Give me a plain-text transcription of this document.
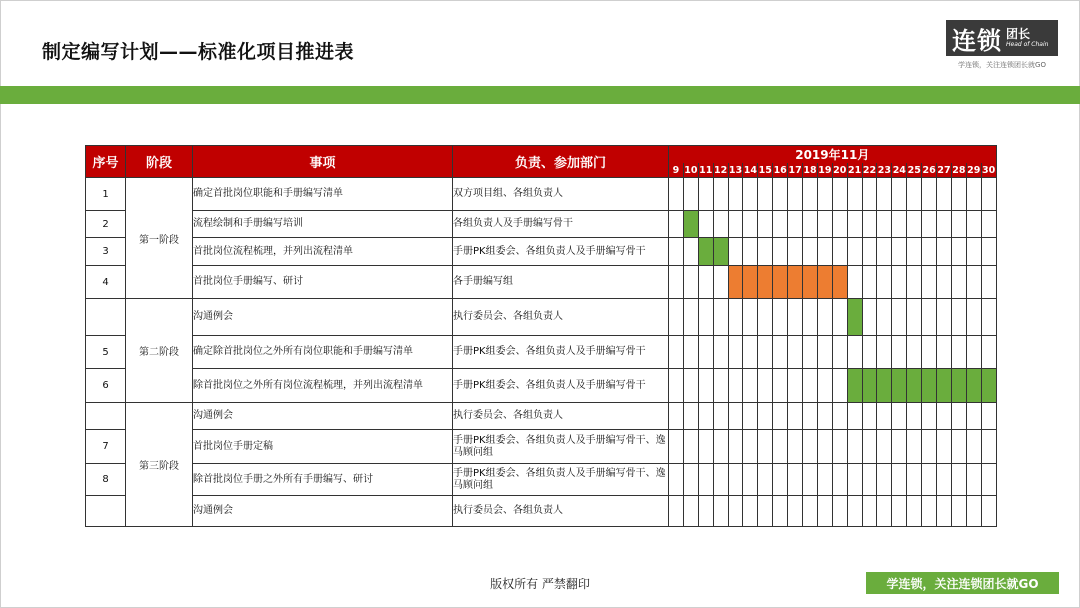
制定编写计划——标准化项目推进表	连锁 团长
Head of Chain
学连锁，关注连锁团长就GO
序号	阶段	事项	负责、参加部门	2019年11月																					
				9	10	11	12	13	14	15	16	17	18	19	20	21	22	23	24	25	26	27	28	29	30
1	第一阶段	确定首批岗位职能和手册编写清单	双方项目组、各组负责人																						
2		流程绘制和手册编写培训	各组负责人及手册编写骨干																						
3		首批岗位流程梳理，并列出流程清单	手册PK组委会、各组负责人及手册编写骨干																						
4		首批岗位手册编写、研讨	各手册编写组																						
	第二阶段	沟通例会	执行委员会、各组负责人																						
5		确定除首批岗位之外所有岗位职能和手册编写清单	手册PK组委会、各组负责人及手册编写骨干																						
6		除首批岗位之外所有岗位流程梳理，并列出流程清单	手册PK组委会、各组负责人及手册编写骨干																						
	第三阶段	沟通例会	执行委员会、各组负责人																						
7		首批岗位手册定稿	手册PK组委会、各组负责人及手册编写骨干、逸马顾问组																						
8		除首批岗位手册之外所有手册编写、研讨	手册PK组委会、各组负责人及手册编写骨干、逸马顾问组																						
		沟通例会	执行委员会、各组负责人																						
版权所有 严禁翻印	学连锁，关注连锁团长就GO
